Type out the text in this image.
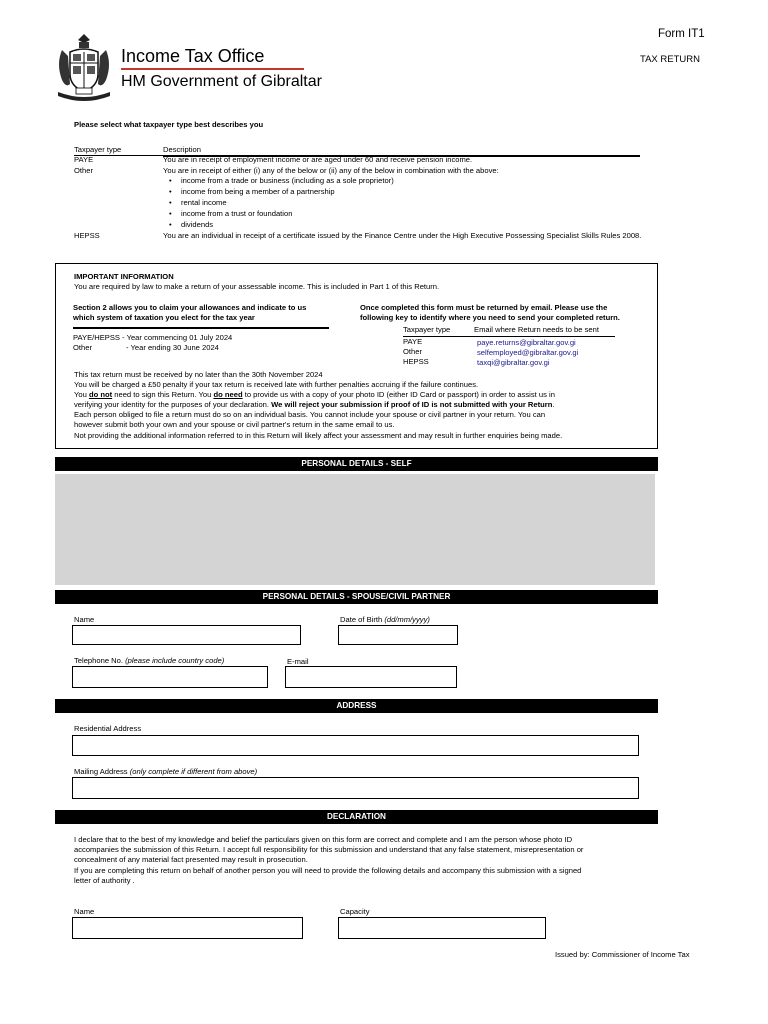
Income Tax Office
HM Government of Gibraltar
Form IT1
TAX RETURN
Please select what taxpayer type best describes you
Taxpayer type	Description
PAYE	You are in receipt of employment income or are aged under 60 and receive pension income.
Other	You are in receipt of either (i) any of the below or (ii) any of the below in combination with the above:
• income from a trade or business (including as a sole proprietor)
• income from being a member of a partnership
• rental income
• income from a trust or foundation
• dividends
HEPSS	You are an individual in receipt of a certificate issued by the Finance Centre under the High Executive Possessing Specialist Skills Rules 2008.
IMPORTANT INFORMATION
You are required by law to make a return of your assessable income. This is included in Part 1 of this Return.
Section 2 allows you to claim your allowances and indicate to us
which system of taxation you elect for the tax year
PAYE/HEPSS - Year commencing 01 July 2024
Other	- Year ending 30 June 2024
Once completed this form must be returned by email. Please use the
following key to identify where you need to send your completed return.
Taxpayer type	Email where Return needs to be sent
PAYE	paye.returns@gibraltar.gov.gi
Other	selfemployed@gibraltar.gov.gi
HEPSS	taxqi@gibraltar.gov.gi
This tax return must be received by no later than the 30th November 2024
You will be charged a £50 penalty if your tax return is received late with further penalties accruing if the failure continues.
You do not need to sign this Return. You do need to provide us with a copy of your photo ID (either ID Card or passport) in order to assist us in
verifying your identity for the purposes of your declaration. We will reject your submission if proof of ID is not submitted with your Return.
Each person obliged to file a return must do so on an individual basis. You cannot include your spouse or civil partner in your return. You can
however submit both your own and your spouse or civil partner's return in the same email to us.
Not providing the additional information referred to in this Return will likely affect your assessment and may result in further enquiries being made.
PERSONAL DETAILS - SELF
PERSONAL DETAILS - SPOUSE/CIVIL PARTNER
Name	Date of Birth (dd/mm/yyyy)
Telephone No. (please include country code)	E-mail
ADDRESS
Residential Address
Mailing Address (only complete if different from above)
DECLARATION
I declare that to the best of my knowledge and belief the particulars given on this form are correct and complete and I am the person whose photo ID
accompanies the submission of this Return. I accept full responsibility for this submission and understand that any false statement, misrepresentation or
concealment of any material fact presented may result in prosecution.
If you are completing this return on behalf of another person you will need to provide the following details and accompany this submission with a signed
letter of authority .
Name	Capacity
Issued by: Commissioner of Income Tax
